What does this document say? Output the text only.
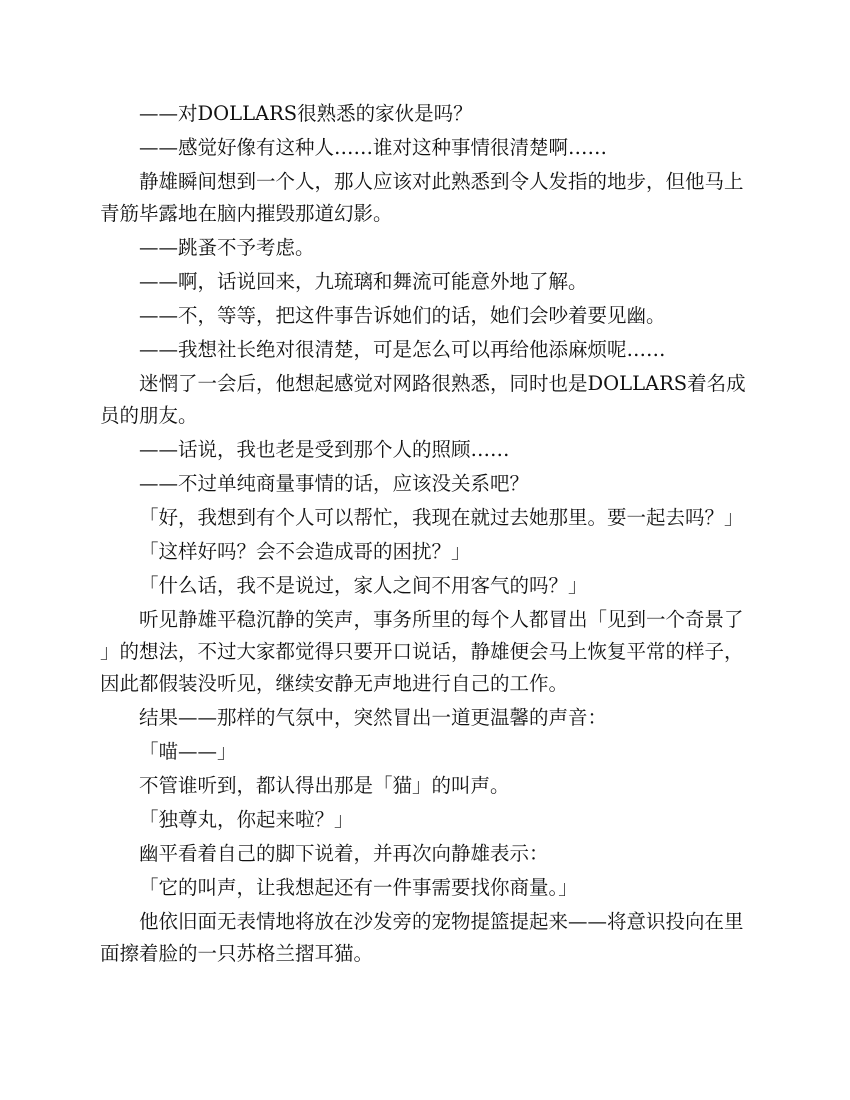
——对DOLLARS很熟悉的家伙是吗？

——感觉好像有这种人……谁对这种事情很清楚啊……

静雄瞬间想到一个人，那人应该对此熟悉到令人发指的地步，但他马上青筋毕露地在脑内摧毁那道幻影。

——跳蚤不予考虑。

——啊，话说回来，九琉璃和舞流可能意外地了解。

——不，等等，把这件事告诉她们的话，她们会吵着要见幽。

——我想社长绝对很清楚，可是怎么可以再给他添麻烦呢……

迷惘了一会后，他想起感觉对网路很熟悉，同时也是DOLLARS着名成员的朋友。

——话说，我也老是受到那个人的照顾……

——不过单纯商量事情的话，应该没关系吧？

「好，我想到有个人可以帮忙，我现在就过去她那里。要一起去吗？」

「这样好吗？会不会造成哥的困扰？」

「什么话，我不是说过，家人之间不用客气的吗？」

听见静雄平稳沉静的笑声，事务所里的每个人都冒出「见到一个奇景了」的想法，不过大家都觉得只要开口说话，静雄便会马上恢复平常的样子，因此都假装没听见，继续安静无声地进行自己的工作。

结果——那样的气氛中，突然冒出一道更温馨的声音：

「喵——」

不管谁听到，都认得出那是「猫」的叫声。

「独尊丸，你起来啦？」

幽平看着自己的脚下说着，并再次向静雄表示：

「它的叫声，让我想起还有一件事需要找你商量。」

他依旧面无表情地将放在沙发旁的宠物提篮提起来——将意识投向在里面擦着脸的一只苏格兰摺耳猫。
